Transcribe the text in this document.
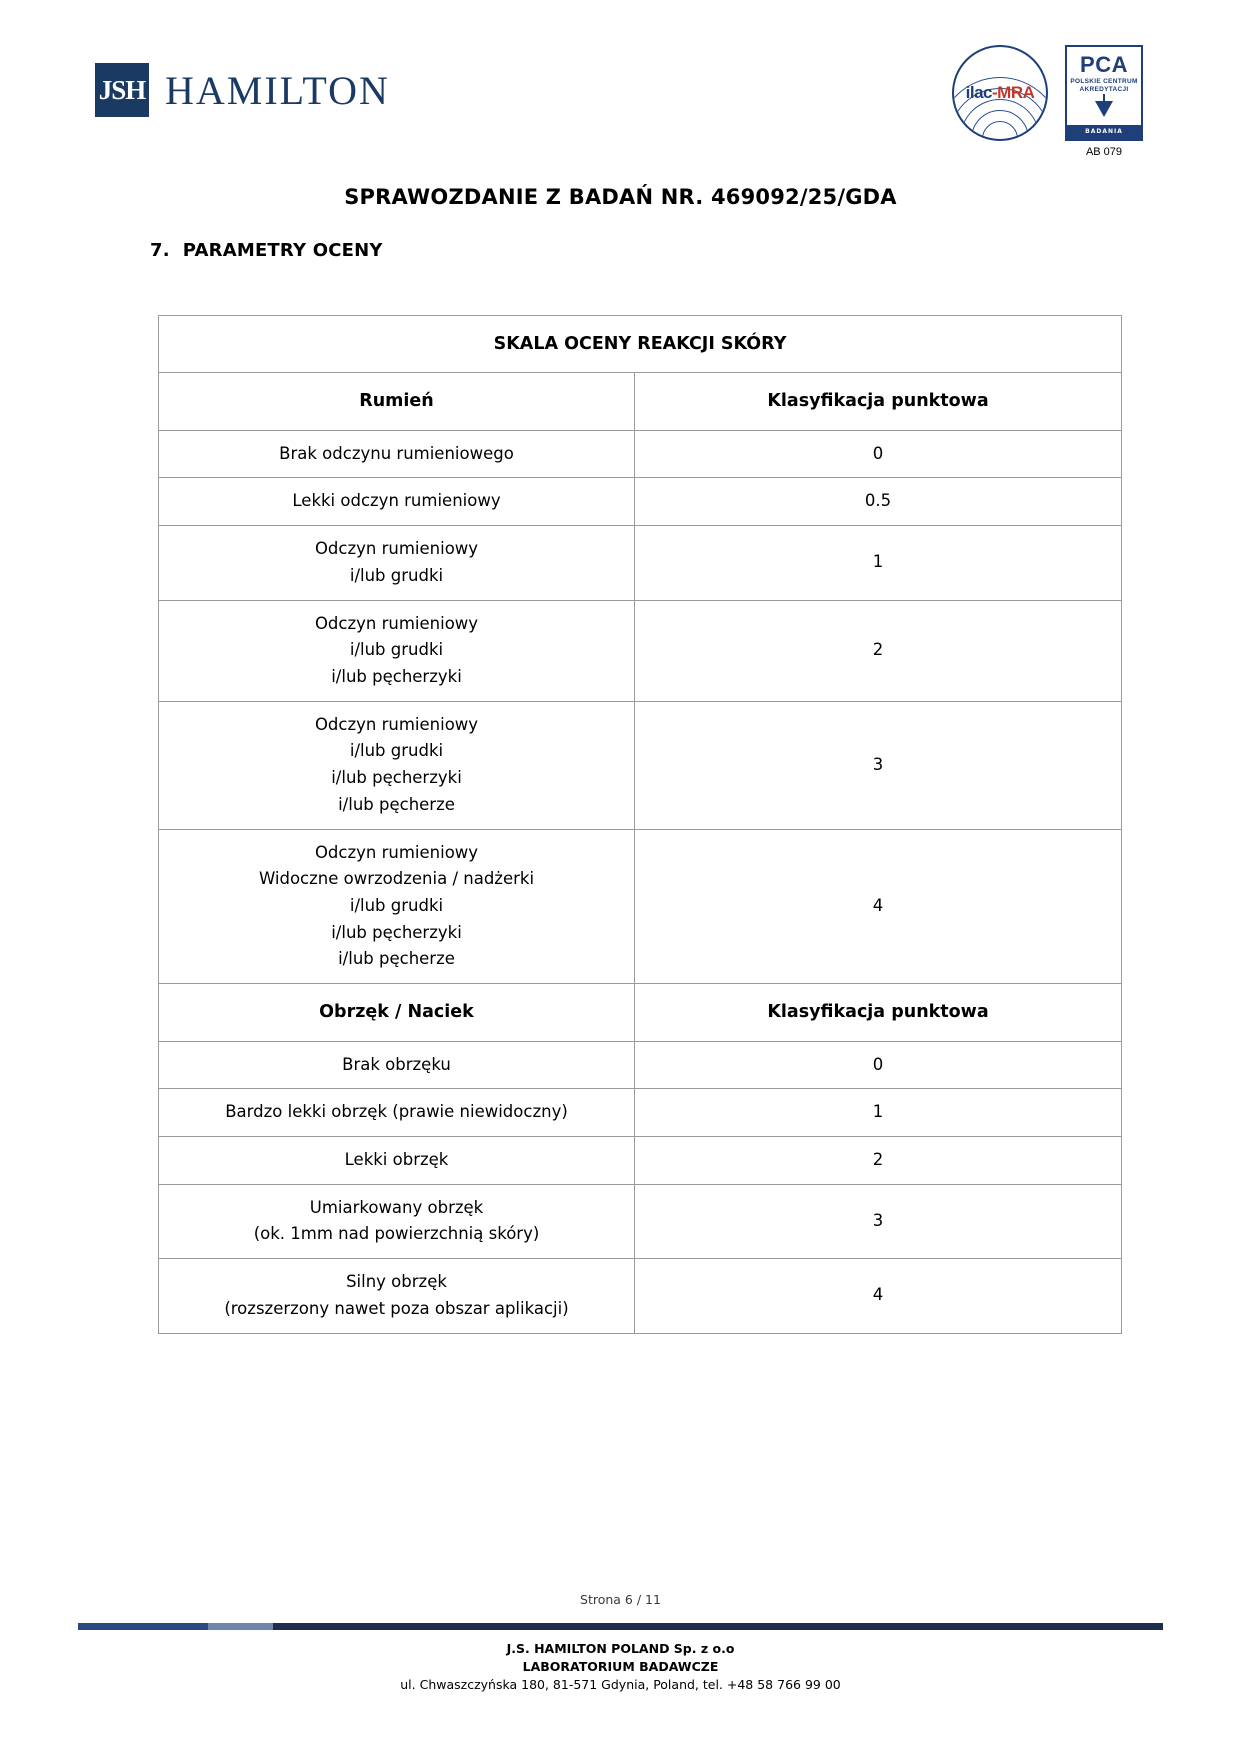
JSH HAMILTON	ilac-MRA
PCA
POLSKIE CENTRUM
AKREDYTACJI
BADANIA
AB 079
SPRAWOZDANIE Z BADAŃ NR. 469092/25/GDA
7. PARAMETRY OCENY
SKALA OCENY REAKCJI SKÓRY	
Rumień	Klasyfikacja punktowa
Brak odczynu rumieniowego	0
Lekki odczyn rumieniowy	0.5
Odczyn rumieniowy
i/lub grudki	1
Odczyn rumieniowy
i/lub grudki
i/lub pęcherzyki	2
Odczyn rumieniowy
i/lub grudki
i/lub pęcherzyki
i/lub pęcherze	3
Odczyn rumieniowy
Widoczne owrzodzenia / nadżerki
i/lub grudki
i/lub pęcherzyki
i/lub pęcherze	4
Obrzęk / Naciek	Klasyfikacja punktowa
Brak obrzęku	0
Bardzo lekki obrzęk (prawie niewidoczny)	1
Lekki obrzęk	2
Umiarkowany obrzęk
(ok. 1mm nad powierzchnią skóry)	3
Silny obrzęk
(rozszerzony nawet poza obszar aplikacji)	4
Strona 6 / 11
J.S. HAMILTON POLAND Sp. z o.o
LABORATORIUM BADAWCZE
ul. Chwaszczyńska 180, 81-571 Gdynia, Poland, tel. +48 58 766 99 00
